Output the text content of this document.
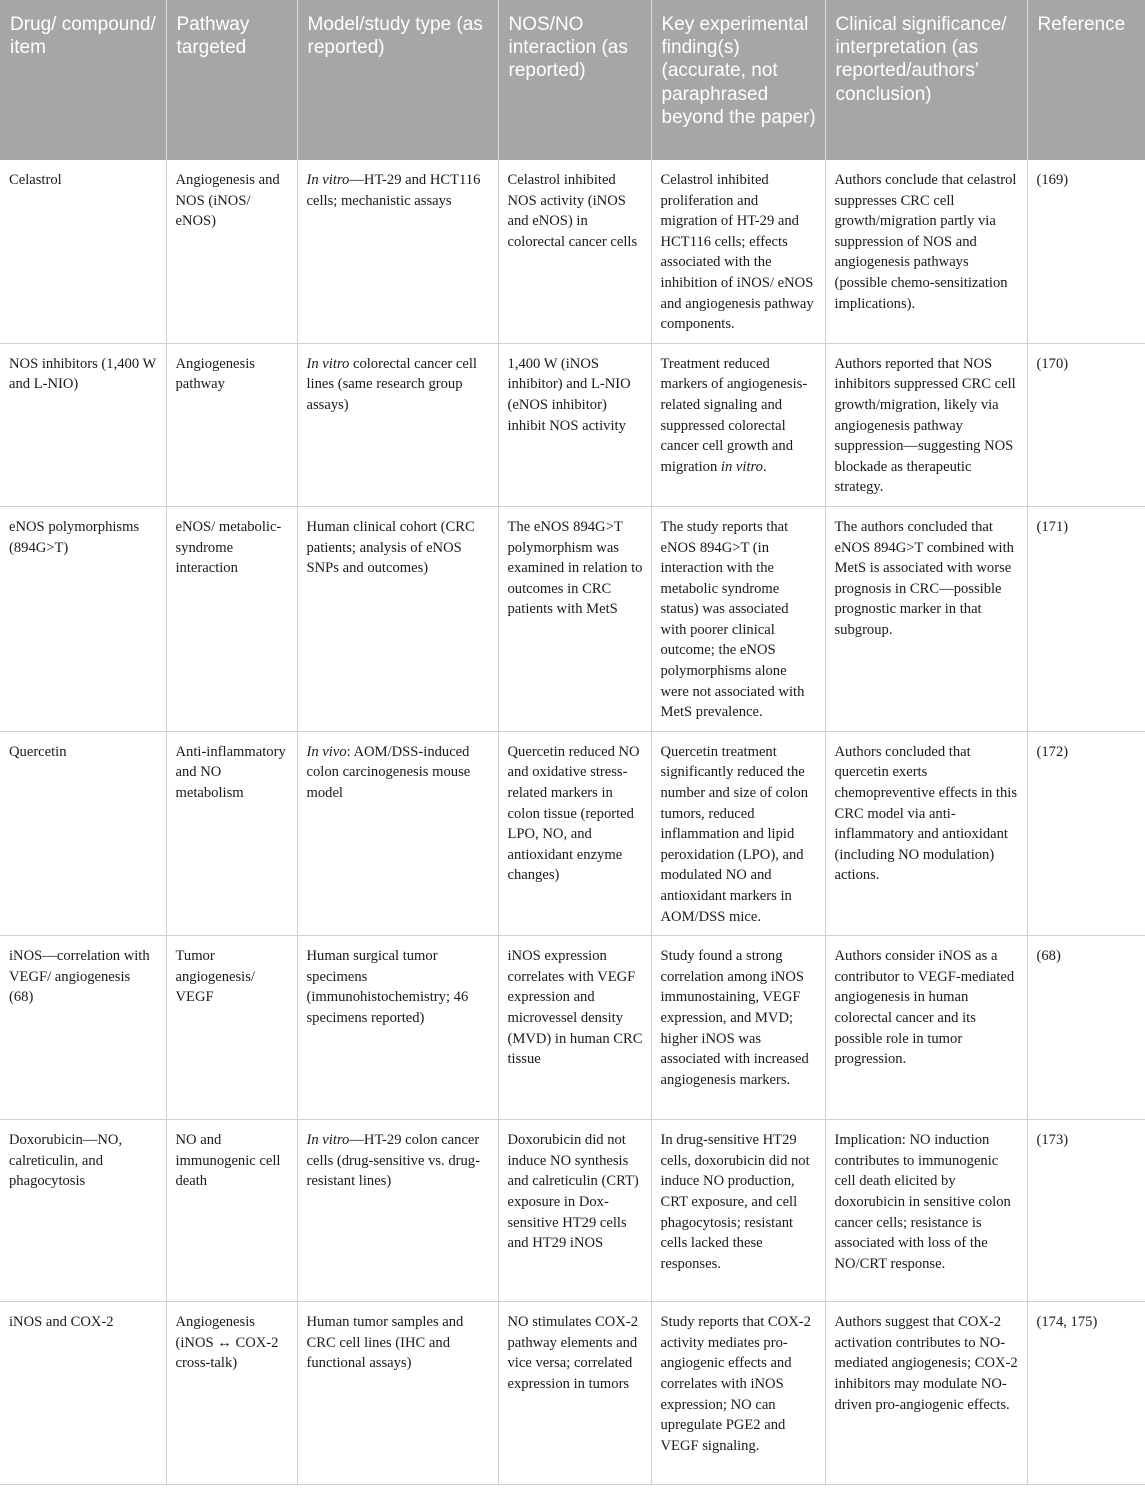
Drug/ compound/ item	Pathway targeted	Model/study type (as reported)	NOS/NO interaction (as reported)	Key experimental finding(s) (accurate, not paraphrased beyond the paper)	Clinical significance/ interpretation (as reported/authors’ conclusion)	Reference
Celastrol	Angiogenesis and NOS (iNOS/ eNOS)	In vitro—HT-29 and HCT116 cells; mechanistic assays	Celastrol inhibited NOS activity (iNOS and eNOS) in colorectal cancer cells	Celastrol inhibited proliferation and migration of HT-29 and HCT116 cells; effects associated with the inhibition of iNOS/ eNOS and angiogenesis pathway components.	Authors conclude that celastrol suppresses CRC cell growth/migration partly via suppression of NOS and angiogenesis pathways (possible chemo-sensitization implications).	(169)
NOS inhibitors (1,400 W and L-NIO)	Angiogenesis pathway	In vitro colorectal cancer cell lines (same research group assays)	1,400 W (iNOS inhibitor) and L-NIO (eNOS inhibitor) inhibit NOS activity	Treatment reduced markers of angiogenesis-related signaling and suppressed colorectal cancer cell growth and migration in vitro.	Authors reported that NOS inhibitors suppressed CRC cell growth/migration, likely via angiogenesis pathway suppression—suggesting NOS blockade as therapeutic strategy.	(170)
eNOS polymorphisms (894G>T)	eNOS/ metabolic-syndrome interaction	Human clinical cohort (CRC patients; analysis of eNOS SNPs and outcomes)	The eNOS 894G>T polymorphism was examined in relation to outcomes in CRC patients with MetS	The study reports that eNOS 894G>T (in interaction with the metabolic syndrome status) was associated with poorer clinical outcome; the eNOS polymorphisms alone were not associated with MetS prevalence.	The authors concluded that eNOS 894G>T combined with MetS is associated with worse prognosis in CRC—possible prognostic marker in that subgroup.	(171)
Quercetin	Anti-inflammatory and NO metabolism	In vivo: AOM/DSS-induced colon carcinogenesis mouse model	Quercetin reduced NO and oxidative stress-related markers in colon tissue (reported LPO, NO, and antioxidant enzyme changes)	Quercetin treatment significantly reduced the number and size of colon tumors, reduced inflammation and lipid peroxidation (LPO), and modulated NO and antioxidant markers in AOM/DSS mice.	Authors concluded that quercetin exerts chemopreventive effects in this CRC model via anti-inflammatory and antioxidant (including NO modulation) actions.	(172)
iNOS—correlation with VEGF/ angiogenesis (68)	Tumor angiogenesis/ VEGF	Human surgical tumor specimens (immunohistochemistry; 46 specimens reported)	iNOS expression correlates with VEGF expression and microvessel density (MVD) in human CRC tissue	Study found a strong correlation among iNOS immunostaining, VEGF expression, and MVD; higher iNOS was associated with increased angiogenesis markers.	Authors consider iNOS as a contributor to VEGF-mediated angiogenesis in human colorectal cancer and its possible role in tumor progression.	(68)
Doxorubicin—NO, calreticulin, and phagocytosis	NO and immunogenic cell death	In vitro—HT-29 colon cancer cells (drug-sensitive vs. drug-resistant lines)	Doxorubicin did not induce NO synthesis and calreticulin (CRT) exposure in Dox-sensitive HT29 cells and HT29 iNOS	In drug-sensitive HT29 cells, doxorubicin did not induce NO production, CRT exposure, and cell phagocytosis; resistant cells lacked these responses.	Implication: NO induction contributes to immunogenic cell death elicited by doxorubicin in sensitive colon cancer cells; resistance is associated with loss of the NO/CRT response.	(173)
iNOS and COX-2	Angiogenesis (iNOS ↔ COX-2 cross-talk)	Human tumor samples and CRC cell lines (IHC and functional assays)	NO stimulates COX-2 pathway elements and vice versa; correlated expression in tumors	Study reports that COX-2 activity mediates pro-angiogenic effects and correlates with iNOS expression; NO can upregulate PGE2 and VEGF signaling.	Authors suggest that COX-2 activation contributes to NO-mediated angiogenesis; COX-2 inhibitors may modulate NO-driven pro-angiogenic effects.	(174, 175)
